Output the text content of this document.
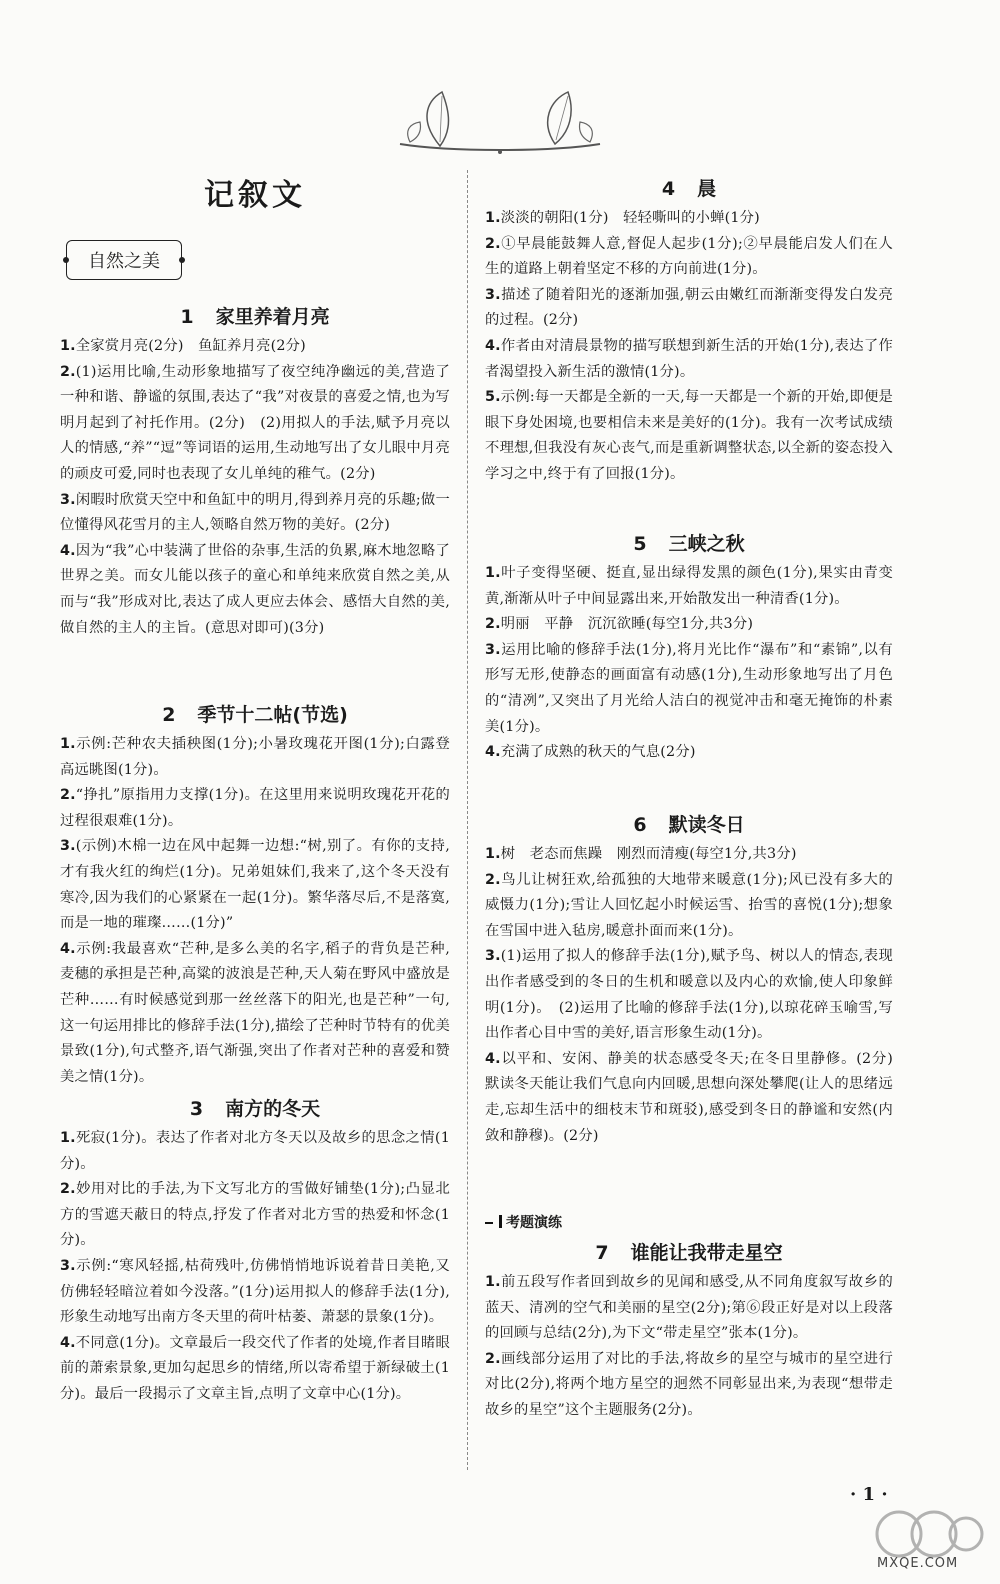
记叙文
自然之美
1 家里养着月亮
1.全家赏月亮(2分)　鱼缸养月亮(2分)
2.(1)运用比喻,生动形象地描写了夜空纯净幽远的美,营造了一种和谐、静谧的氛围,表达了“我”对夜景的喜爱之情,也为写明月起到了衬托作用。(2分)　(2)用拟人的手法,赋予月亮以人的情感,“养”“逗”等词语的运用,生动地写出了女儿眼中月亮的顽皮可爱,同时也表现了女儿单纯的稚气。(2分)
3.闲暇时欣赏天空中和鱼缸中的明月,得到养月亮的乐趣;做一位懂得风花雪月的主人,领略自然万物的美好。(2分)
4.因为“我”心中装满了世俗的杂事,生活的负累,麻木地忽略了世界之美。而女儿能以孩子的童心和单纯来欣赏自然之美,从而与“我”形成对比,表达了成人更应去体会、感悟大自然的美,做自然的主人的主旨。(意思对即可)(3分)
2 季节十二帖(节选)
1.示例:芒种农夫插秧图(1分);小暑玫瑰花开图(1分);白露登高远眺图(1分)。
2.“挣扎”原指用力支撑(1分)。在这里用来说明玫瑰花开花的过程很艰难(1分)。
3.(示例)木棉一边在风中起舞一边想:“树,别了。有你的支持,才有我火红的绚烂(1分)。兄弟姐妹们,我来了,这个冬天没有寒冷,因为我们的心紧紧在一起(1分)。繁华落尽后,不是落寞,而是一地的璀璨……(1分)”
4.示例:我最喜欢“芒种,是多么美的名字,稻子的背负是芒种,麦穗的承担是芒种,高粱的波浪是芒种,天人菊在野风中盛放是芒种……有时候感觉到那一丝丝落下的阳光,也是芒种”一句,这一句运用排比的修辞手法(1分),描绘了芒种时节特有的优美景致(1分),句式整齐,语气渐强,突出了作者对芒种的喜爱和赞美之情(1分)。
3 南方的冬天
1.死寂(1分)。表达了作者对北方冬天以及故乡的思念之情(1分)。
2.妙用对比的手法,为下文写北方的雪做好铺垫(1分);凸显北方的雪遮天蔽日的特点,抒发了作者对北方雪的热爱和怀念(1分)。
3.示例:“寒风轻摇,枯荷残叶,仿佛悄悄地诉说着昔日美艳,又仿佛轻轻暗泣着如今没落。”(1分)运用拟人的修辞手法(1分),形象生动地写出南方冬天里的荷叶枯萎、萧瑟的景象(1分)。
4.不同意(1分)。文章最后一段交代了作者的处境,作者目睹眼前的萧索景象,更加勾起思乡的情绪,所以寄希望于新绿破土(1分)。最后一段揭示了文章主旨,点明了文章中心(1分)。
4 晨
1.淡淡的朝阳(1分)　轻轻嘶叫的小蝉(1分)
2.①早晨能鼓舞人意,督促人起步(1分);②早晨能启发人们在人生的道路上朝着坚定不移的方向前进(1分)。
3.描述了随着阳光的逐渐加强,朝云由嫩红而渐渐变得发白发亮的过程。(2分)
4.作者由对清晨景物的描写联想到新生活的开始(1分),表达了作者渴望投入新生活的激情(1分)。
5.示例:每一天都是全新的一天,每一天都是一个新的开始,即便是眼下身处困境,也要相信未来是美好的(1分)。我有一次考试成绩不理想,但我没有灰心丧气,而是重新调整状态,以全新的姿态投入学习之中,终于有了回报(1分)。
5 三峡之秋
1.叶子变得坚硬、挺直,显出绿得发黑的颜色(1分),果实由青变黄,渐渐从叶子中间显露出来,开始散发出一种清香(1分)。
2.明丽　平静　沉沉欲睡(每空1分,共3分)
3.运用比喻的修辞手法(1分),将月光比作“瀑布”和“素锦”,以有形写无形,使静态的画面富有动感(1分),生动形象地写出了月色的“清冽”,又突出了月光给人洁白的视觉冲击和毫无掩饰的朴素美(1分)。
4.充满了成熟的秋天的气息(2分)
6 默读冬日
1.树　老态而焦躁　刚烈而清瘦(每空1分,共3分)
2.鸟儿让树狂欢,给孤独的大地带来暖意(1分);风已没有多大的威慑力(1分);雪让人回忆起小时候运雪、抬雪的喜悦(1分);想象在雪国中进入毡房,暖意扑面而来(1分)。
3.(1)运用了拟人的修辞手法(1分),赋予鸟、树以人的情态,表现出作者感受到的冬日的生机和暖意以及内心的欢愉,使人印象鲜明(1分)。　(2)运用了比喻的修辞手法(1分),以琼花碎玉喻雪,写出作者心目中雪的美好,语言形象生动(1分)。
4.以平和、安闲、静美的状态感受冬天;在冬日里静修。(2分)　默读冬天能让我们气息向内回暖,思想向深处攀爬(让人的思绪远走,忘却生活中的细枝末节和斑驳),感受到冬日的静谧和安然(内敛和静穆)。(2分)
考题演练
7 谁能让我带走星空
1.前五段写作者回到故乡的见闻和感受,从不同角度叙写故乡的蓝天、清冽的空气和美丽的星空(2分);第⑥段正好是对以上段落的回顾与总结(2分),为下文“带走星空”张本(1分)。
2.画线部分运用了对比的手法,将故乡的星空与城市的星空进行对比(2分),将两个地方星空的迥然不同彰显出来,为表现“想带走故乡的星空”这个主题服务(2分)。
· 1 ·
MXQE.COM
